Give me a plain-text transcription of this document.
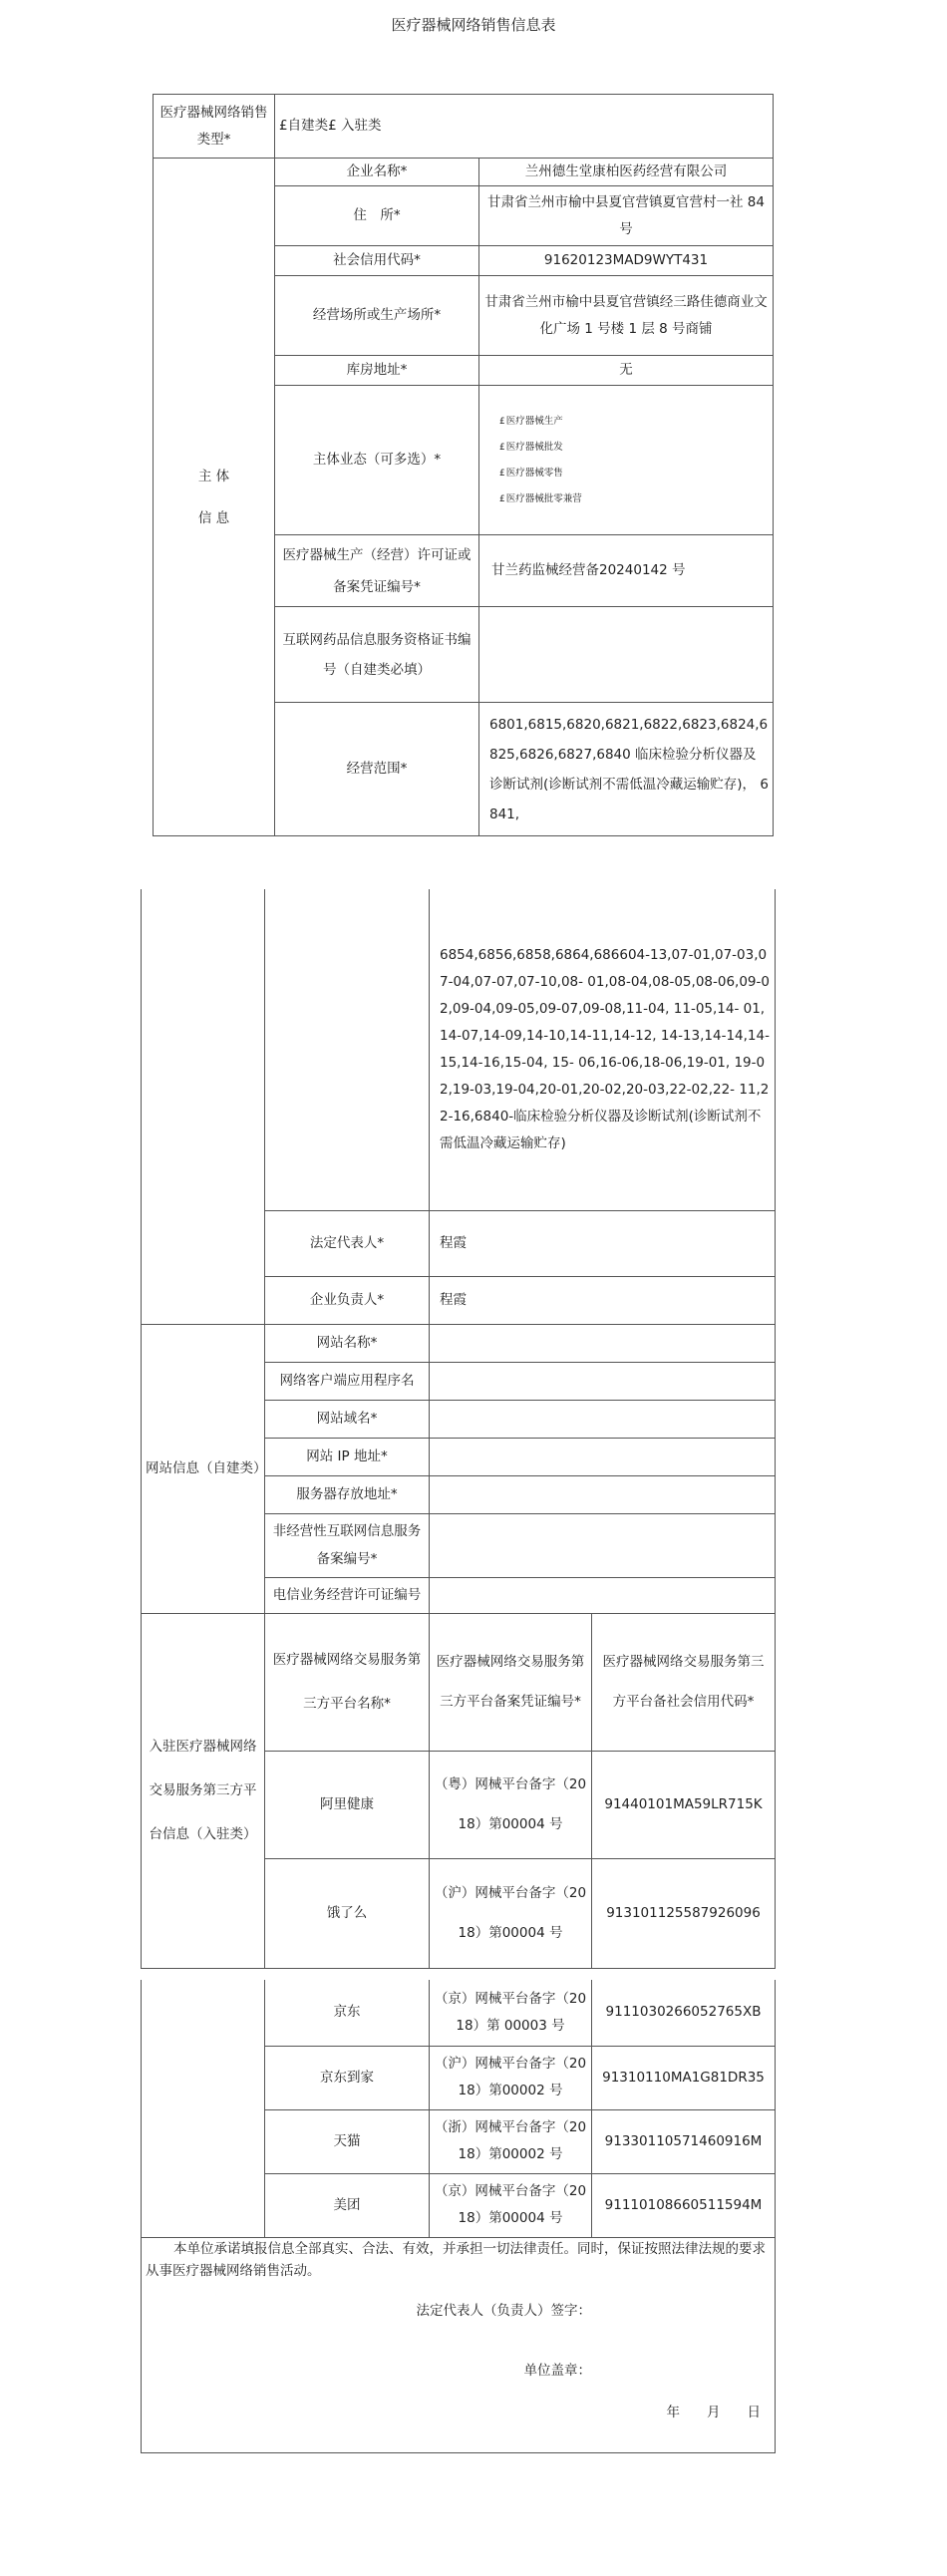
医疗器械网络销售信息表
医疗器械网络销售类型*	£自建类£ 入驻类	
主 体 信 息	企业名称*	兰州德生堂康柏医药经营有限公司
	住　所*	甘肃省兰州市榆中县夏官营镇夏官营村一社 84 号
	社会信用代码*	91620123MAD9WYT431
	经营场所或生产场所*	甘肃省兰州市榆中县夏官营镇经三路佳德商业文化广场 1 号楼 1 层 8 号商铺
	库房地址*	无
	主体业态（可多选）*	£医疗器械生产
£医疗器械批发
£医疗器械零售
£医疗器械批零兼营

	医疗器械生产（经营）许可证或备案凭证编号*	甘兰药监械经营备20240142 号
	互联网药品信息服务资格证书编号（自建类必填）	
	经营范围*	6801,6815,6820,6821,6822,6823,6824,6825,6826,6827,6840 临床检验分析仪器及诊断试剂(诊断试剂不需低温冷藏运输贮存)， 6841,
		6854,6856,6858,6864,686604-13,07-01,07-03,07-04,07-07,07-10,08- 01,08-04,08-05,08-06,09-02,09-04,09-05,09-07,09-08,11-04, 11-05,14- 01,14-07,14-09,14-10,14-11,14-12, 14-13,14-14,14-15,14-16,15-04, 15- 06,16-06,18-06,19-01, 19-02,19-03,19-04,20-01,20-02,20-03,22-02,22- 11,22-16,6840-临床检验分析仪器及诊断试剂(诊断试剂不需低温冷藏运输贮存)	
	法定代表人*	程霞	
	企业负责人*	程霞	
网站信息（自建类）	网站名称*		
	网络客户端应用程序名		
	网站域名*		
	网站 IP 地址*		
	服务器存放地址*		
	非经营性互联网信息服务备案编号*		
	电信业务经营许可证编号		
入驻医疗器械网络交易服务第三方平台信息（入驻类）	医疗器械网络交易服务第三方平台名称*	医疗器械网络交易服务第三方平台备案凭证编号*	医疗器械网络交易服务第三方平台备社会信用代码*
	阿里健康	（粤）网械平台备字（2018）第00004 号	91440101MA59LR715K
	饿了么	（沪）网械平台备字（2018）第00004 号	913101125587926096
	京东	（京）网械平台备字（2018）第 00003 号	9111030266052765XB
	京东到家	（沪）网械平台备字（2018）第00002 号	91310110MA1G81DR35
	天猫	（浙）网械平台备字（2018）第00002 号	91330110571460916M
	美团	（京）网械平台备字（2018）第00004 号	91110108660511594M

本单位承诺填报信息全部真实、合法、有效，并承担一切法律责任。同时，保证按照法律法规的要求从事医疗器械网络销售活动。

法定代表人（负责人）签字：
单位盖章：
年　　月　　日			
